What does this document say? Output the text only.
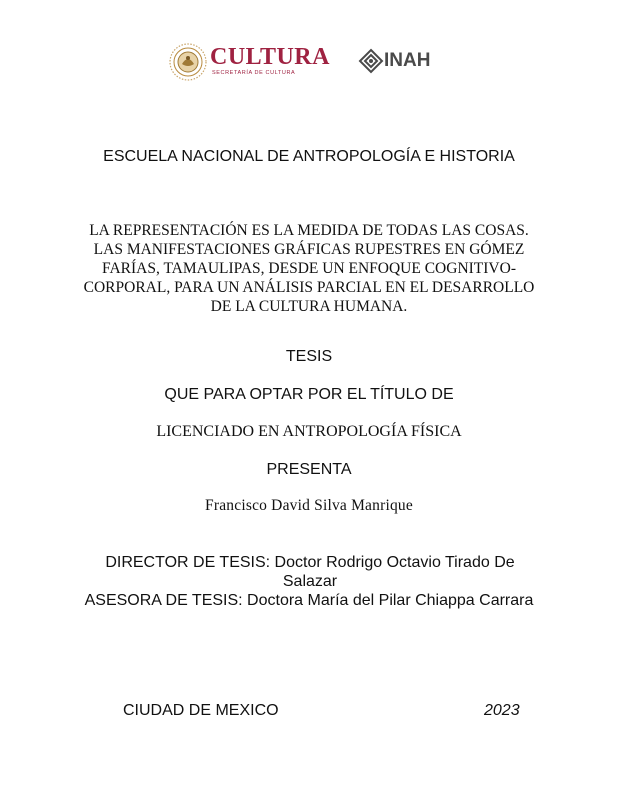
CULTURA
SECRETARÍA DE CULTURA
INAH
ESCUELA NACIONAL DE ANTROPOLOGÍA E HISTORIA
LA REPRESENTACIÓN ES LA MEDIDA DE TODAS LAS COSAS.
LAS MANIFESTACIONES GRÁFICAS RUPESTRES EN GÓMEZ
FARÍAS, TAMAULIPAS, DESDE UN ENFOQUE COGNITIVO-
CORPORAL, PARA UN ANÁLISIS PARCIAL EN EL DESARROLLO
DE LA CULTURA HUMANA.
TESIS
QUE PARA OPTAR POR EL TÍTULO DE
LICENCIADO EN ANTROPOLOGÍA FÍSICA
PRESENTA
Francisco David Silva Manrique
DIRECTOR DE TESIS: Doctor Rodrigo Octavio Tirado De Salazar
ASESORA DE TESIS: Doctora María del Pilar Chiappa Carrara
CIUDAD DE MEXICO	2023
